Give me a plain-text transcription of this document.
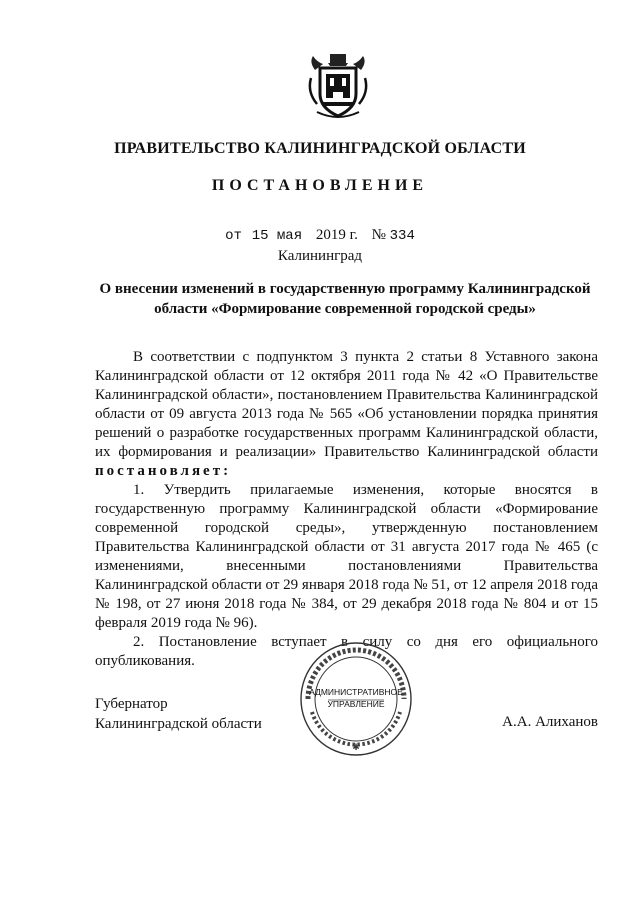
ПРАВИТЕЛЬСТВО КАЛИНИНГРАДСКОЙ ОБЛАСТИ
ПОСТАНОВЛЕНИЕ
от 15 мая 2019 г. № 334
Калининград
О внесении изменений в государственную программу Калининградской
области «Формирование современной городской среды»

В соответствии с подпунктом 3 пункта 2 статьи 8 Уставного закона Калининградской области от 12 октября 2011 года № 42 «О Правительстве Калининградской области», постановлением Правительства Калининградской области от 09 августа 2013 года № 565 «Об установлении порядка принятия решений о разработке государственных программ Калининградской области, их формирования и реализации» Правительство Калининградской области постановляет:

1. Утвердить прилагаемые изменения, которые вносятся в государственную программу Калининградской области «Формирование современной городской среды», утвержденную постановлением Правительства Калининградской области от 31 августа 2017 года № 465 (с изменениями, внесенными постановлениями Правительства Калининградской области от 29 января 2018 года № 51, от 12 апреля 2018 года № 198, от 27 июня 2018 года № 384, от 29 декабря 2018 года № 804 и от 15 февраля 2019 года № 96).

2. Постановление вступает в силу со дня его официального опубликования.

Губернатор
Калининградской области	А.А. Алиханов
АДМИНИСТРАТИВНОЕ
УПРАВЛЕНИЕ
✱
